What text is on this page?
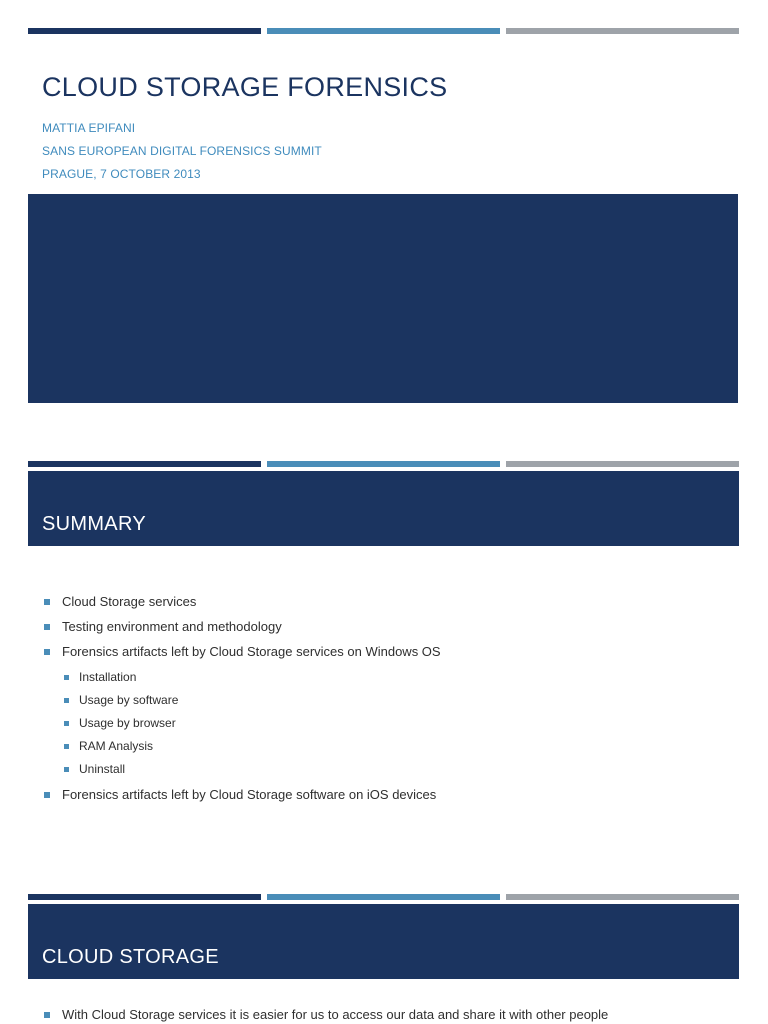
CLOUD STORAGE FORENSICS
MATTIA EPIFANI
SANS EUROPEAN DIGITAL FORENSICS SUMMIT
PRAGUE, 7 OCTOBER 2013
SUMMARY
Cloud Storage services
Testing environment and methodology
Forensics artifacts left by Cloud Storage services on Windows OS
Installation
Usage by software
Usage by browser
RAM Analysis
Uninstall
Forensics artifacts left by Cloud Storage software on iOS devices
CLOUD STORAGE
With Cloud Storage services it is easier for us to access our data and share it with other people
